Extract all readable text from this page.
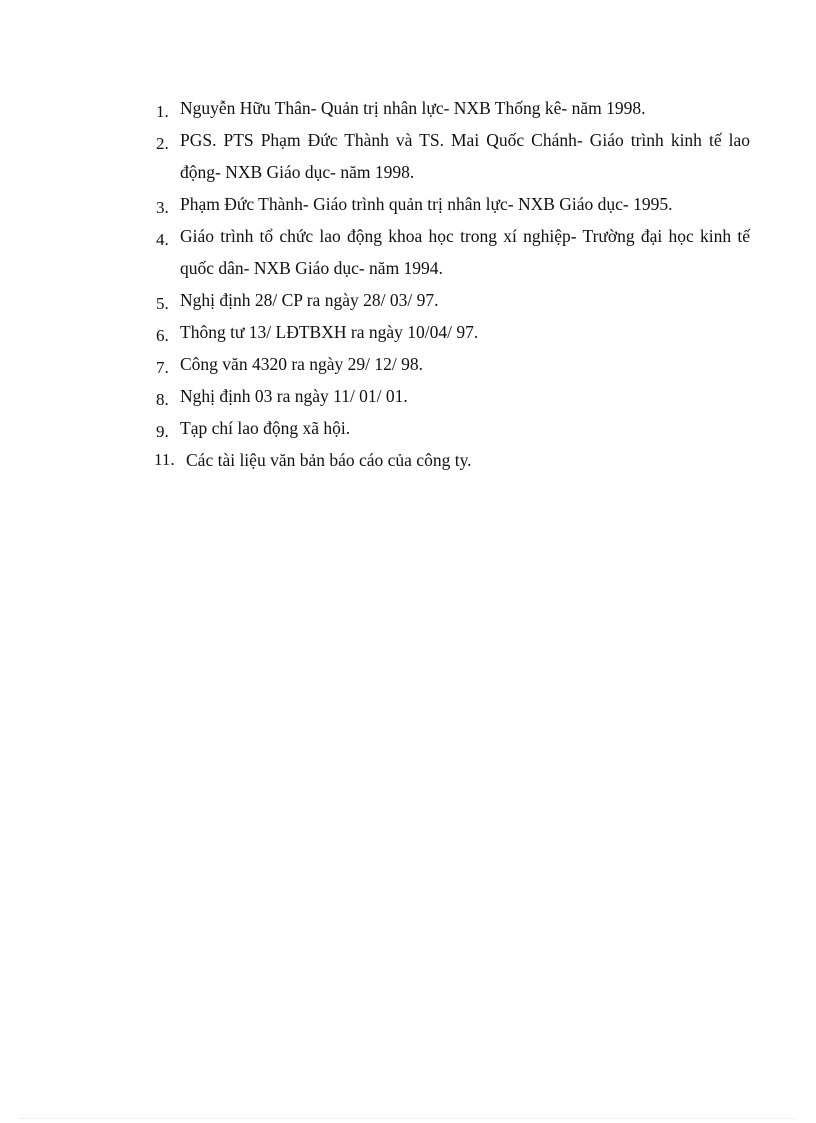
1. Nguyễn Hữu Thân- Quản trị nhân lực- NXB Thống kê- năm 1998.
2. PGS. PTS Phạm Đức Thành và TS. Mai Quốc Chánh- Giáo trình kinh tế lao động- NXB Giáo dục- năm 1998.
3. Phạm Đức Thành- Giáo trình quản trị nhân lực- NXB Giáo dục- 1995.
4. Giáo trình tổ chức lao động khoa học trong xí nghiệp- Trường đại học kinh tế quốc dân- NXB Giáo dục- năm 1994.
5. Nghị định 28/ CP ra ngày 28/ 03/ 97.
6. Thông tư 13/ LĐTBXH ra ngày 10/04/ 97.
7. Công văn 4320 ra ngày 29/ 12/ 98.
8. Nghị định 03 ra ngày 11/ 01/ 01.
9. Tạp chí lao động xã hội.
11. Các tài liệu văn bản báo cáo của công ty.
